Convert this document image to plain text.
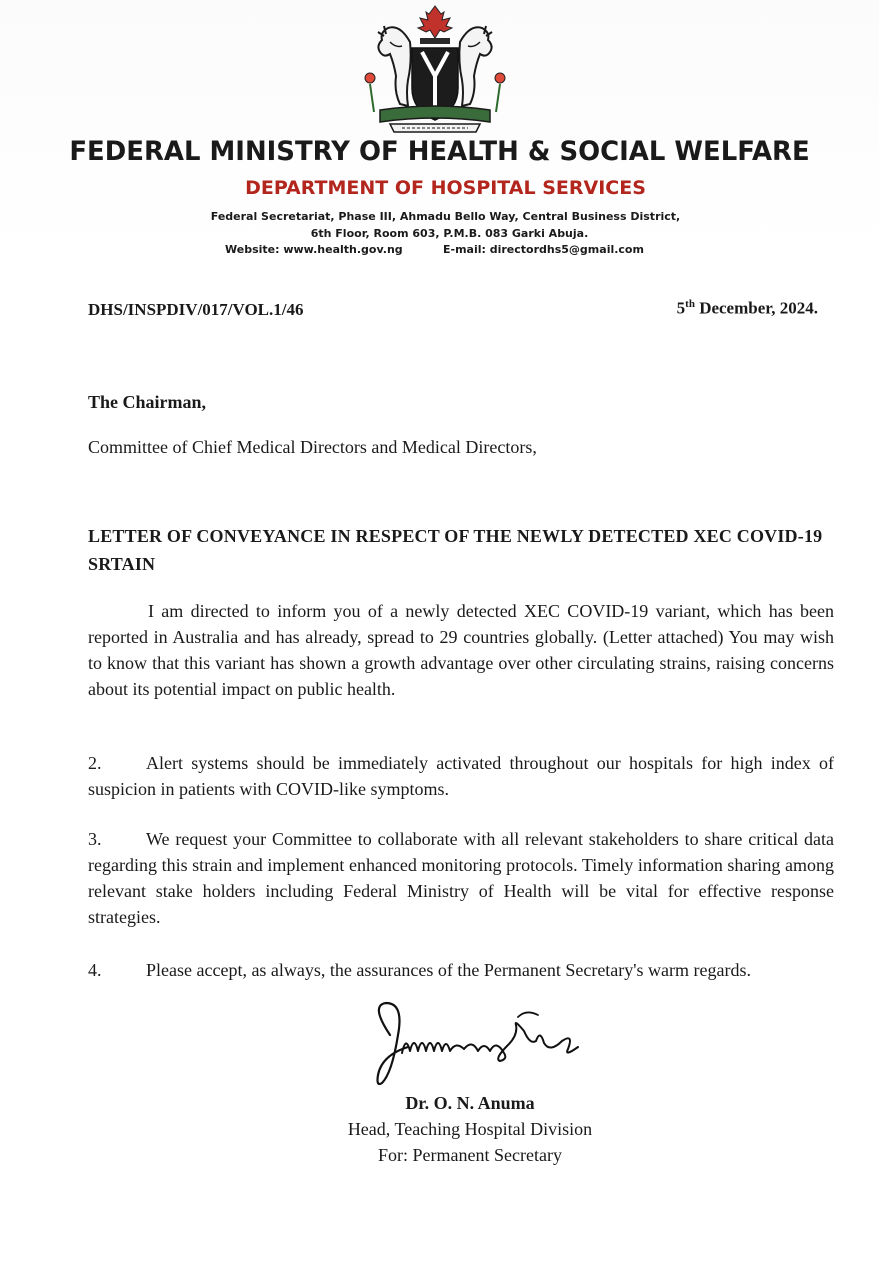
FEDERAL MINISTRY OF HEALTH & SOCIAL WELFARE
DEPARTMENT OF HOSPITAL SERVICES
Federal Secretariat, Phase III, Ahmadu Bello Way, Central Business District,
6th Floor, Room 603, P.M.B. 083 Garki Abuja.
Website: www.health.gov.ng	E-mail: directordhs5@gmail.com
DHS/INSPDIV/017/VOL.1/46	5th December, 2024.
The Chairman,
Committee of Chief Medical Directors and Medical Directors,
LETTER OF CONVEYANCE IN RESPECT OF THE NEWLY DETECTED XEC COVID-19 SRTAIN
I am directed to inform you of a newly detected XEC COVID-19 variant, which has been reported in Australia and has already, spread to 29 countries globally. (Letter attached) You may wish to know that this variant has shown a growth advantage over other circulating strains, raising concerns about its potential impact on public health.
2. Alert systems should be immediately activated throughout our hospitals for high index of suspicion in patients with COVID-like symptoms.
3. We request your Committee to collaborate with all relevant stakeholders to share critical data regarding this strain and implement enhanced monitoring protocols. Timely information sharing among relevant stake holders including Federal Ministry of Health will be vital for effective response strategies.
4. Please accept, as always, the assurances of the Permanent Secretary's warm regards.
Dr. O. N. Anuma
Head, Teaching Hospital Division
For: Permanent Secretary
